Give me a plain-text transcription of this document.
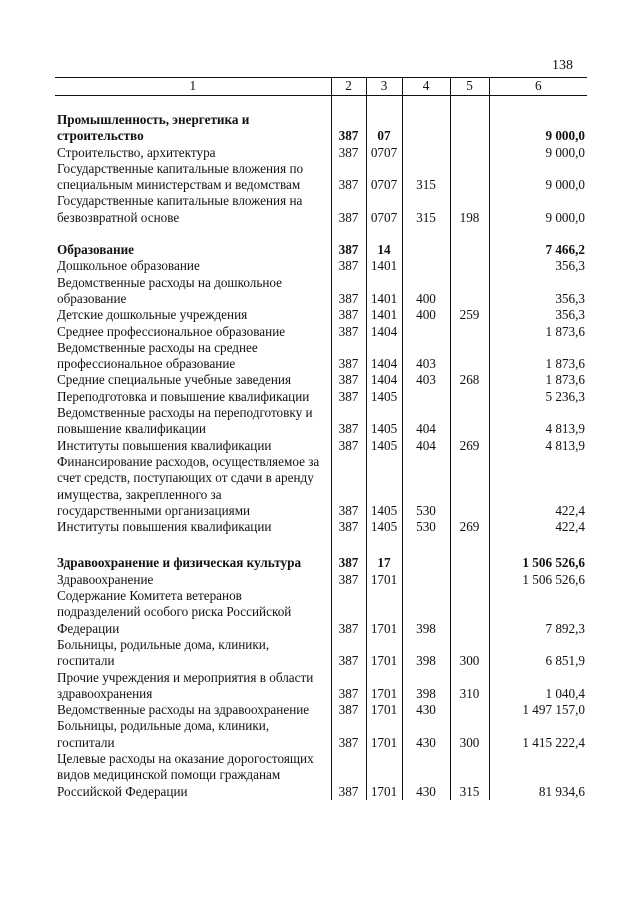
138
1	2	3	4	5	6

Промышленность, энергетика и строительство	387	07			9 000,0
Строительство, архитектура	387	0707			9 000,0
Государственные капитальные вложения по специальным министерствам и ведомствам	387	0707	315		9 000,0
Государственные капитальные вложения на безвозвратной основе	387	0707	315	198	9 000,0

Образование	387	14			7 466,2
Дошкольное образование	387	1401			356,3
Ведомственные расходы на дошкольное образование	387	1401	400		356,3
Детские дошкольные учреждения	387	1401	400	259	356,3
Среднее профессиональное образование	387	1404			1 873,6
Ведомственные расходы на среднее профессиональное образование	387	1404	403		1 873,6
Средние специальные учебные заведения	387	1404	403	268	1 873,6
Переподготовка и повышение квалификации	387	1405			5 236,3
Ведомственные расходы на переподготовку и повышение квалификации	387	1405	404		4 813,9
Институты повышения квалификации	387	1405	404	269	4 813,9
Финансирование расходов, осуществляемое за счет средств, поступающих от сдачи в аренду имущества, закрепленного за государственными организациями	387	1405	530		422,4
Институты повышения квалификации	387	1405	530	269	422,4

Здравоохранение и физическая культура	387	17			1 506 526,6
Здравоохранение	387	1701			1 506 526,6
Содержание Комитета ветеранов подразделений особого риска Российской Федерации	387	1701	398		7 892,3
Больницы, родильные дома, клиники, госпитали	387	1701	398	300	6 851,9
Прочие учреждения и мероприятия в области здравоохранения	387	1701	398	310	1 040,4
Ведомственные расходы на здравоохранение	387	1701	430		1 497 157,0
Больницы, родильные дома, клиники, госпитали	387	1701	430	300	1 415 222,4
Целевые расходы на оказание дорогостоящих видов медицинской помощи гражданам Российской Федерации	387	1701	430	315	81 934,6
